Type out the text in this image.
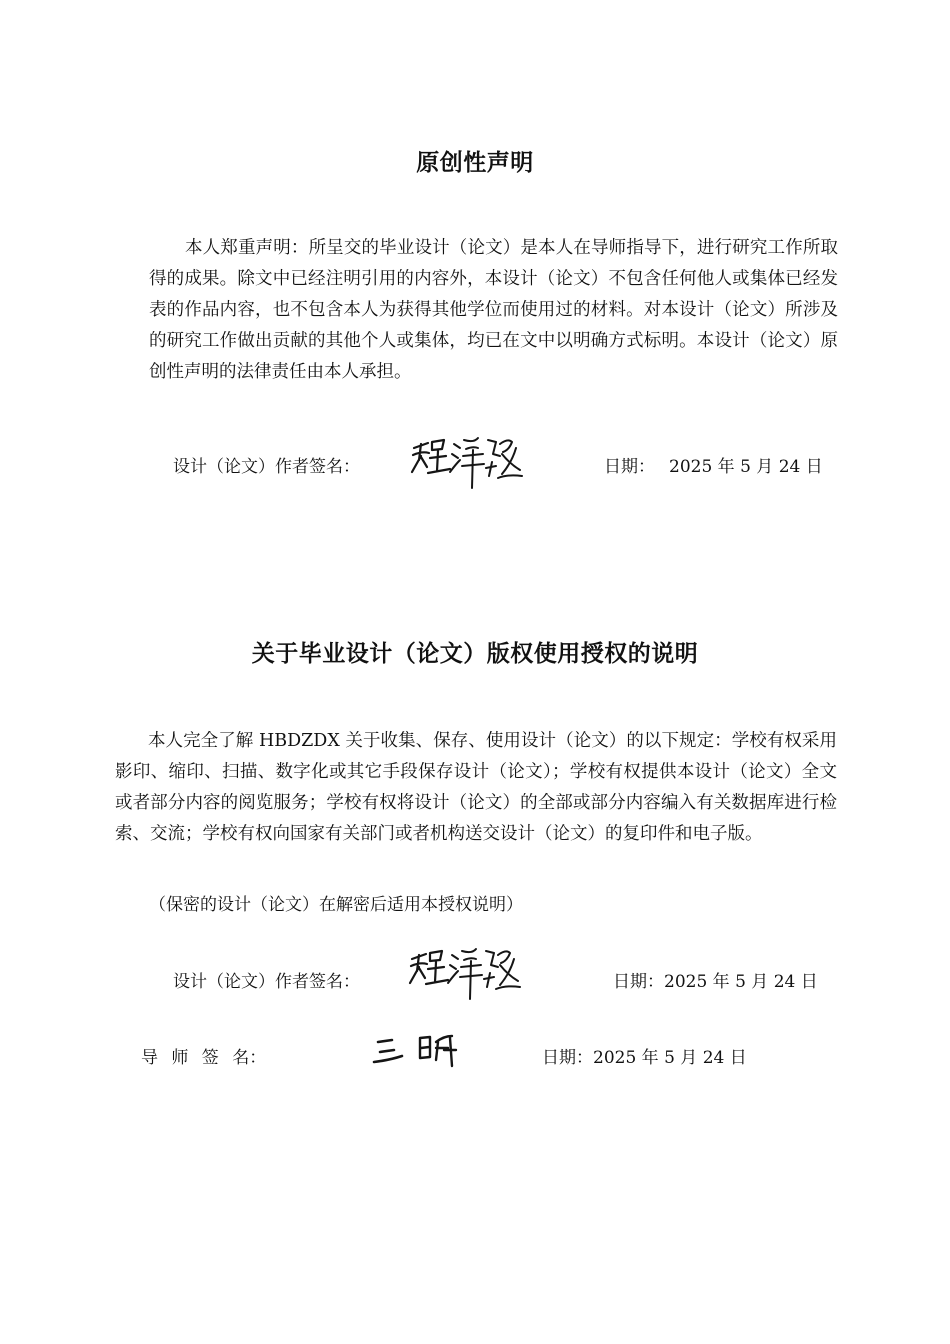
原创性声明
本人郑重声明：所呈交的毕业设计（论文）是本人在导师指导下，进行研究工作所取得的成果。除文中已经注明引用的内容外，本设计（论文）不包含任何他人或集体已经发表的作品内容，也不包含本人为获得其他学位而使用过的材料。对本设计（论文）所涉及的研究工作做出贡献的其他个人或集体，均已在文中以明确方式标明。本设计（论文）原创性声明的法律责任由本人承担。
设计（论文）作者签名：	日期： 2025 年 5 月 24 日
关于毕业设计（论文）版权使用授权的说明
本人完全了解 HBDZDX 关于收集、保存、使用设计（论文）的以下规定：学校有权采用影印、缩印、扫描、数字化或其它手段保存设计（论文）；学校有权提供本设计（论文）全文或者部分内容的阅览服务；学校有权将设计（论文）的全部或部分内容编入有关数据库进行检索、交流；学校有权向国家有关部门或者机构送交设计（论文）的复印件和电子版。
（保密的设计（论文）在解密后适用本授权说明）
设计（论文）作者签名：	日期：2025 年 5 月 24 日
导 师 签 名：	日期：2025 年 5 月 24 日
